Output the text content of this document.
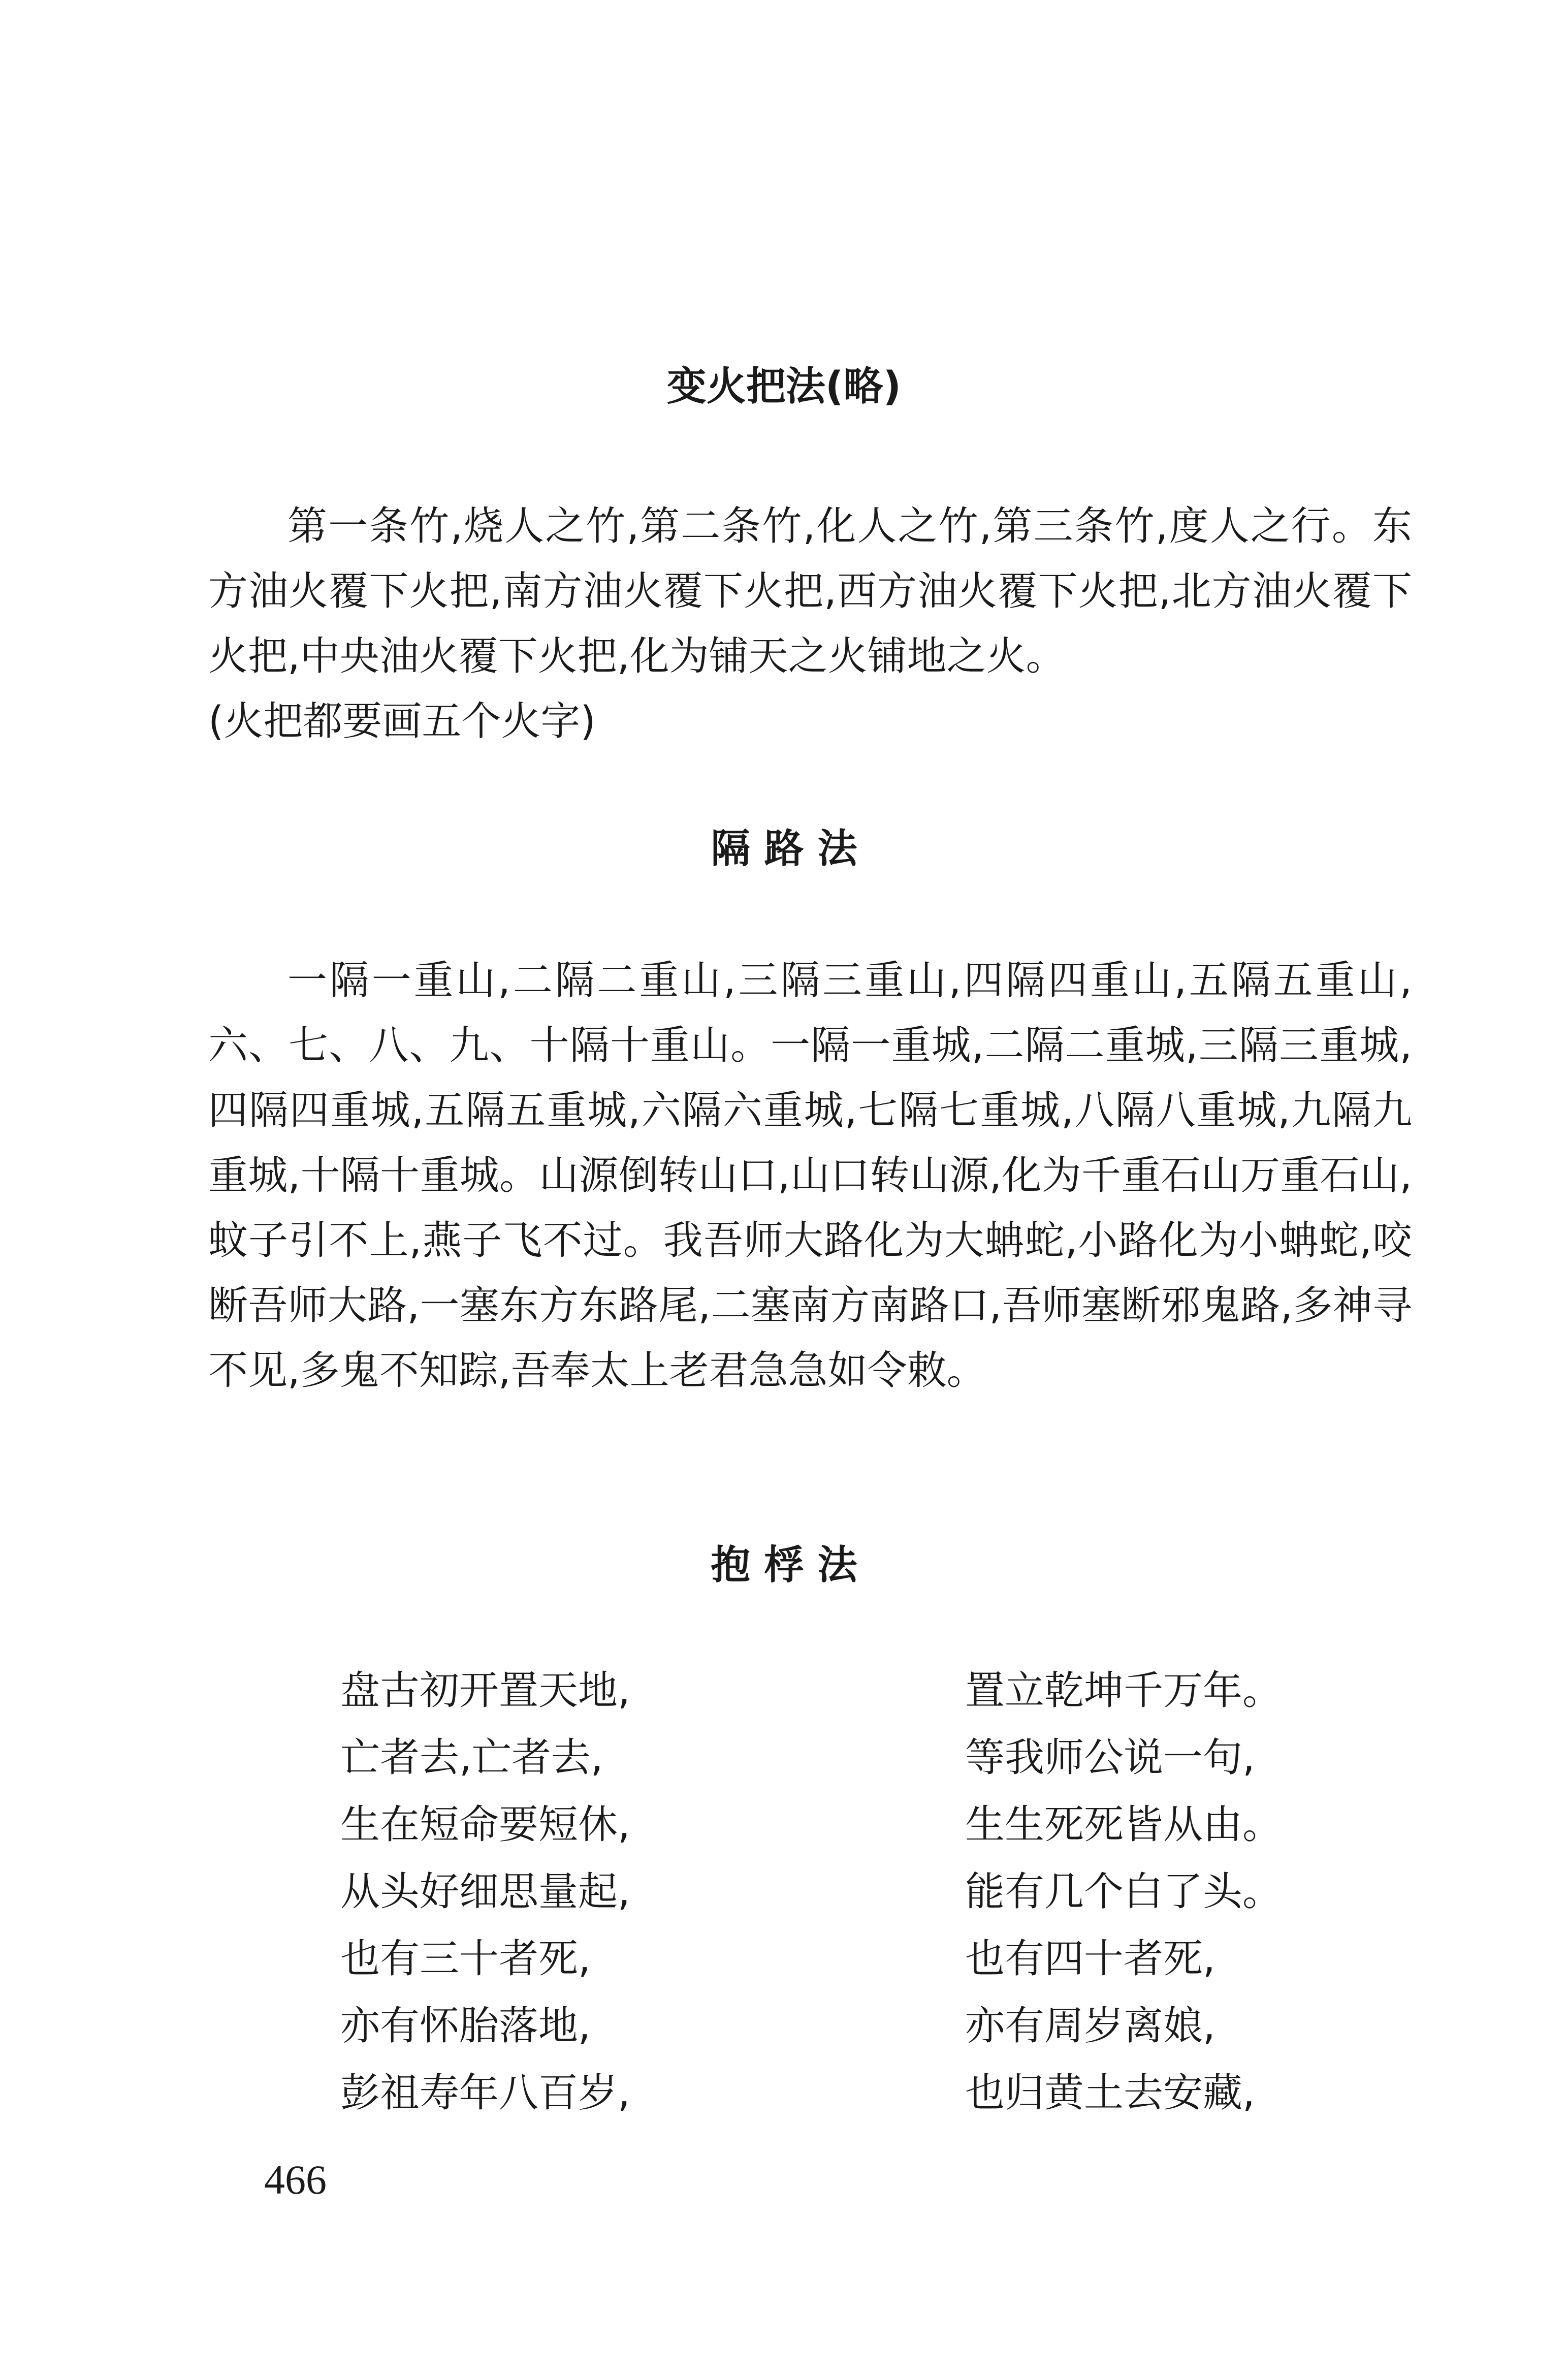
变火把法(略)

第一条竹,烧人之竹,第二条竹,化人之竹,第三条竹,度人之行。东方油火覆下火把,南方油火覆下火把,西方油火覆下火把,北方油火覆下火把,中央油火覆下火把,化为铺天之火铺地之火。

(火把都要画五个火字)

隔 路 法

一隔一重山,二隔二重山,三隔三重山,四隔四重山,五隔五重山,六、七、八、九、十隔十重山。一隔一重城,二隔二重城,三隔三重城,四隔四重城,五隔五重城,六隔六重城,七隔七重城,八隔八重城,九隔九重城,十隔十重城。山源倒转山口,山口转山源,化为千重石山万重石山,蚊子引不上,燕子飞不过。我吾师大路化为大蚺蛇,小路化为小蚺蛇,咬断吾师大路,一塞东方东路尾,二塞南方南路口,吾师塞断邪鬼路,多神寻不见,多鬼不知踪,吾奉太上老君急急如令敕。

抱 桴 法
盘古初开置天地,	置立乾坤千万年。
亡者去,亡者去,	等我师公说一句,
生在短命要短休,	生生死死皆从由。
从头好细思量起,	能有几个白了头。
也有三十者死,	也有四十者死,
亦有怀胎落地,	亦有周岁离娘,
彭祖寿年八百岁,	也归黄土去安藏,
466
